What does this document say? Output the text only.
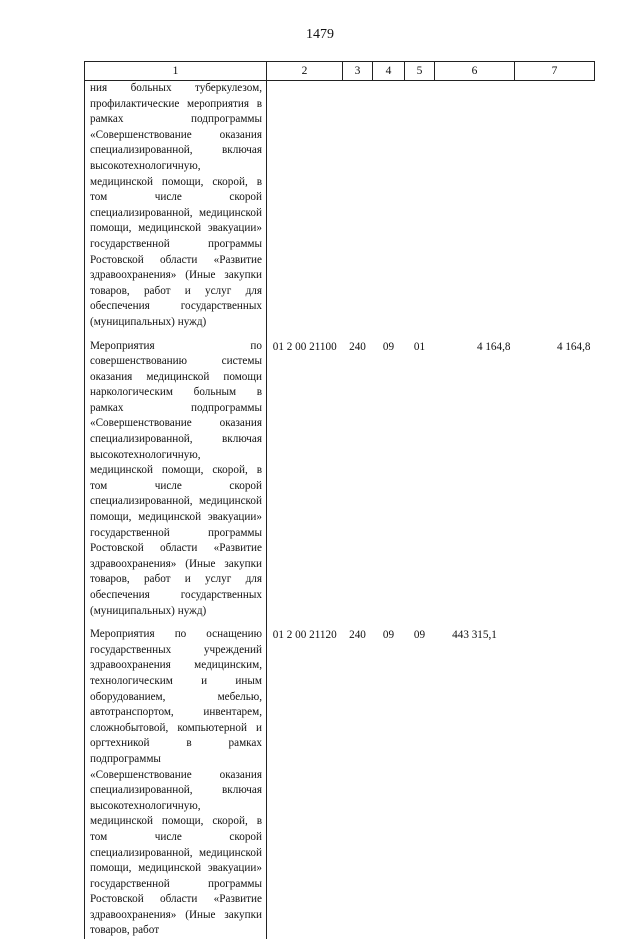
1479
1	2	3	4	5	6	7
ния больных туберкулезом, профилактические мероприятия в рамках подпрограммы «Совершенствование оказания специализированной, включая высокотехнологичную, медицинской помощи, скорой, в том числе скорой специализированной, медицинской помощи, медицинской эвакуации» государственной программы Ростовской области «Развитие здравоохранения» (Иные закупки товаров, работ и услуг для обеспечения государственных (муниципальных) нужд)						
Мероприятия по совершенствованию системы оказания медицинской помощи наркологическим больным в рамках подпрограммы «Совершенствование оказания специализированной, включая высокотехнологичную, медицинской помощи, скорой, в том числе скорой специализированной, медицинской помощи, медицинской эвакуации» государственной программы Ростовской области «Развитие здравоохранения» (Иные закупки товаров, работ и услуг для обеспечения государственных (муниципальных) нужд)	01 2 00 21100	240	09	01	4 164,8	4 164,8
Мероприятия по оснащению государственных учреждений здравоохранения медицинским, технологическим и иным оборудованием, мебелью, автотранспортом, инвентарем, сложнобытовой, компьютерной и оргтехникой в рамках подпрограммы «Совершенствование оказания специализированной, включая высокотехнологичную, медицинской помощи, скорой, в том числе скорой специализированной, медицинской помощи, медицинской эвакуации» государственной программы Ростовской области «Развитие здравоохранения» (Иные закупки товаров, работ	01 2 00 21120	240	09	09	443 315,1	
